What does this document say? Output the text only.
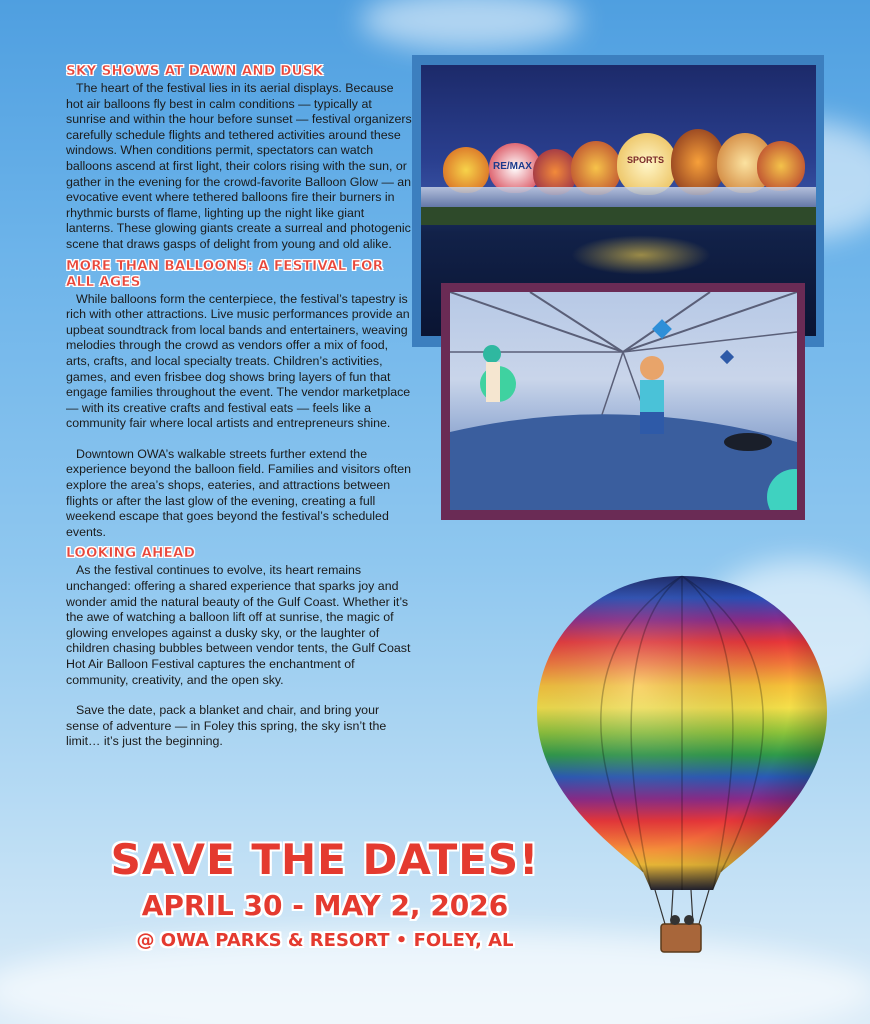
SKY SHOWS AT DAWN AND DUSK

The heart of the festival lies in its aerial displays. Because hot air balloons fly best in calm conditions — typically at sunrise and within the hour before sunset — festival organizers carefully schedule flights and tethered activities around these windows. When conditions permit, spectators can watch balloons ascend at first light, their colors rising with the sun, or gather in the evening for the crowd-favorite Balloon Glow — an evocative event where tethered balloons fire their burners in rhythmic bursts of flame, lighting up the night like giant lanterns. These glowing giants create a surreal and photogenic scene that draws gasps of delight from young and old alike.

MORE THAN BALLOONS: A FESTIVAL FOR ALL AGES

While balloons form the centerpiece, the festival’s tapestry is rich with other attractions. Live music performances provide an upbeat soundtrack from local bands and entertainers, weaving melodies through the crowd as vendors offer a mix of food, arts, crafts, and local specialty treats. Children’s activities, games, and even frisbee dog shows bring layers of fun that engage families throughout the event. The vendor marketplace — with its creative crafts and festival eats — feels like a community fair where local artists and entrepreneurs shine.

Downtown OWA’s walkable streets further extend the experience beyond the balloon field. Families and visitors often explore the area’s shops, eateries, and attractions between flights or after the last glow of the evening, creating a full weekend escape that goes beyond the festival’s scheduled events.

LOOKING AHEAD

As the festival continues to evolve, its heart remains unchanged: offering a shared experience that sparks joy and wonder amid the natural beauty of the Gulf Coast. Whether it’s the awe of watching a balloon lift off at sunrise, the magic of glowing envelopes against a dusky sky, or the laughter of children chasing bubbles between vendor tents, the Gulf Coast Hot Air Balloon Festival captures the enchantment of community, creativity, and the open sky.

Save the date, pack a blanket and chair, and bring your sense of adventure — in Foley this spring, the sky isn’t the limit… it’s just the beginning.

RE/MAX
SPORTS
SAVE THE DATES!
APRIL 30 - MAY 2, 2026
@ OWA PARKS & RESORT • FOLEY, AL
